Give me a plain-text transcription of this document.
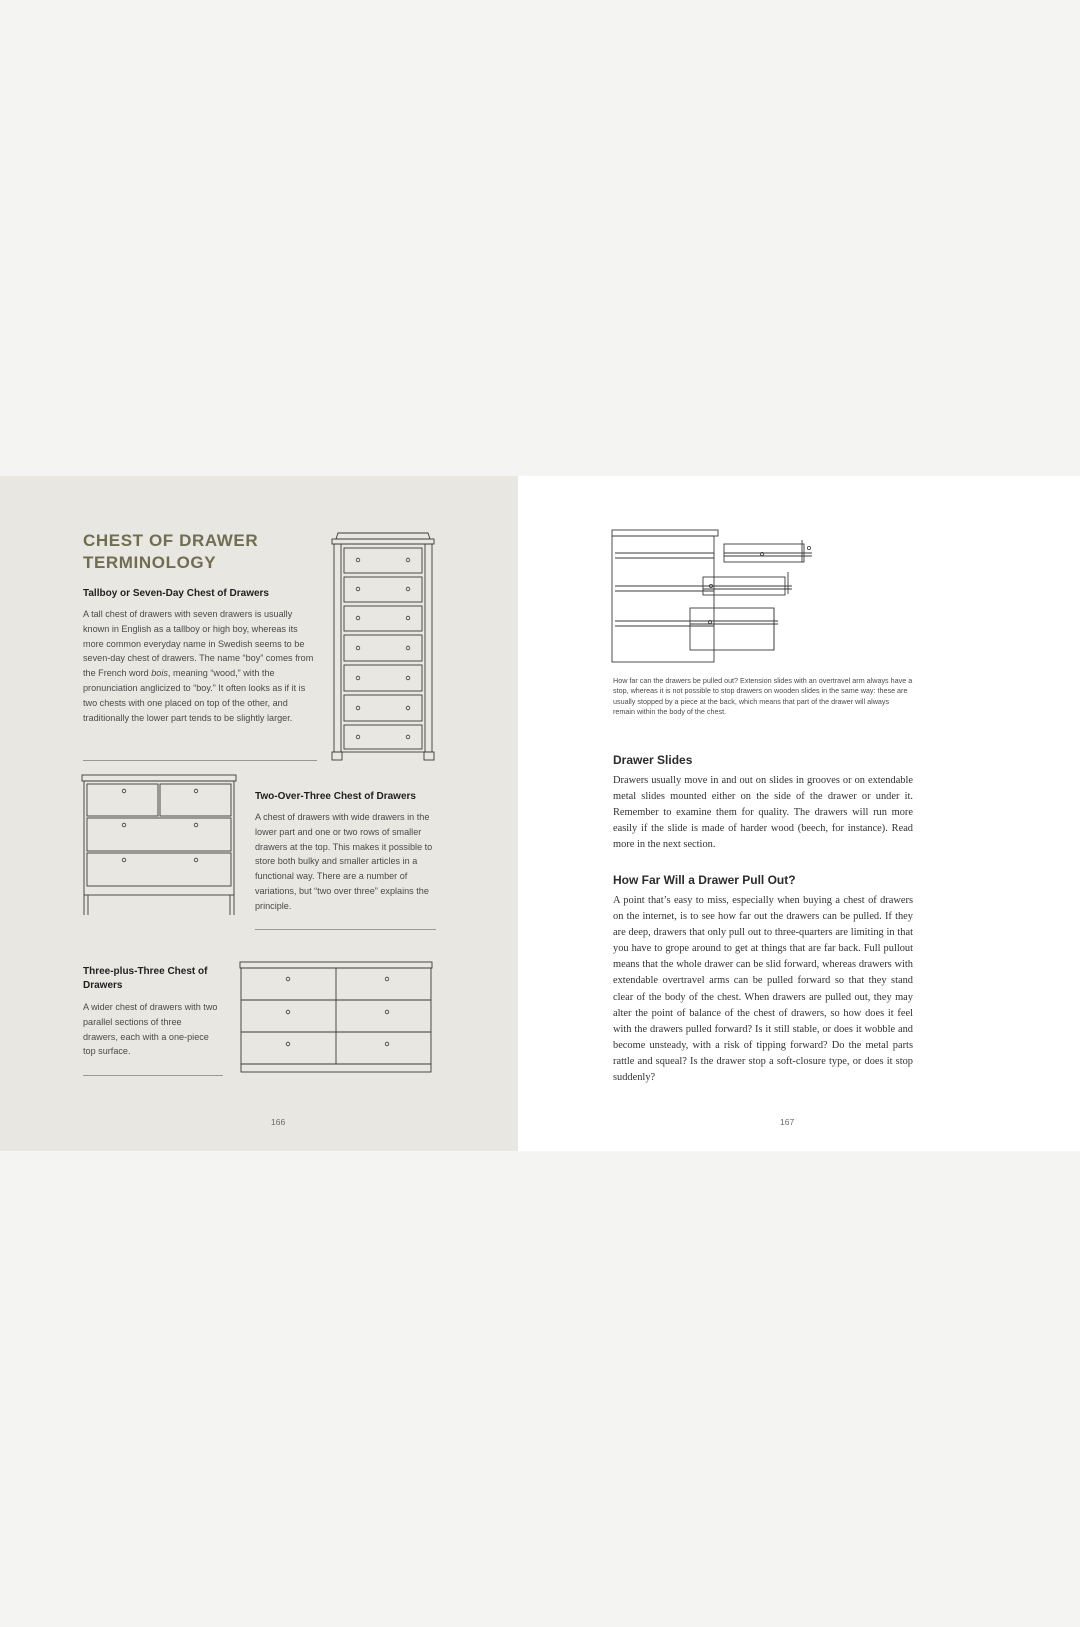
CHEST OF DRAWER TERMINOLOGY
Tallboy or Seven-Day Chest of Drawers

A tall chest of drawers with seven drawers is usually known in English as a tallboy or high boy, whereas its more common everyday name in Swedish seems to be seven-day chest of drawers. The name “boy” comes from the French word bois, meaning “wood,” with the pronunciation anglicized to “boy.” It often looks as if it is two chests with one placed on top of the other, and traditionally the lower part tends to be slightly larger.

Two-Over-Three Chest of Drawers

A chest of drawers with wide drawers in the lower part and one or two rows of smaller drawers at the top. This makes it possible to store both bulky and smaller articles in a functional way. There are a number of variations, but “two over three” explains the principle.

Three-plus-Three Chest of Drawers

A wider chest of drawers with two parallel sections of three drawers, each with a one-piece top surface.

166

How far can the drawers be pulled out? Extension slides with an overtravel arm always have a stop, whereas it is not possible to stop drawers on wooden slides in the same way: these are usually stopped by a piece at the back, which means that part of the drawer will always remain within the body of the chest.

Drawer Slides

Drawers usually move in and out on slides in grooves or on extendable metal slides mounted either on the side of the drawer or under it. Remember to examine them for quality. The drawers will run more easily if the slide is made of harder wood (beech, for instance). Read more in the next section.

How Far Will a Drawer Pull Out?

A point that’s easy to miss, especially when buying a chest of drawers on the internet, is to see how far out the drawers can be pulled. If they are deep, drawers that only pull out to three-quarters are limiting in that you have to grope around to get at things that are far back. Full pullout means that the whole drawer can be slid forward, whereas drawers with extendable overtravel arms can be pulled forward so that they stand clear of the body of the chest. When drawers are pulled out, they may alter the point of balance of the chest of drawers, so how does it feel with the drawers pulled forward? Is it still stable, or does it wobble and become unsteady, with a risk of tipping forward? Do the metal parts rattle and squeal? Is the drawer stop a soft-closure type, or does it stop suddenly?

167
